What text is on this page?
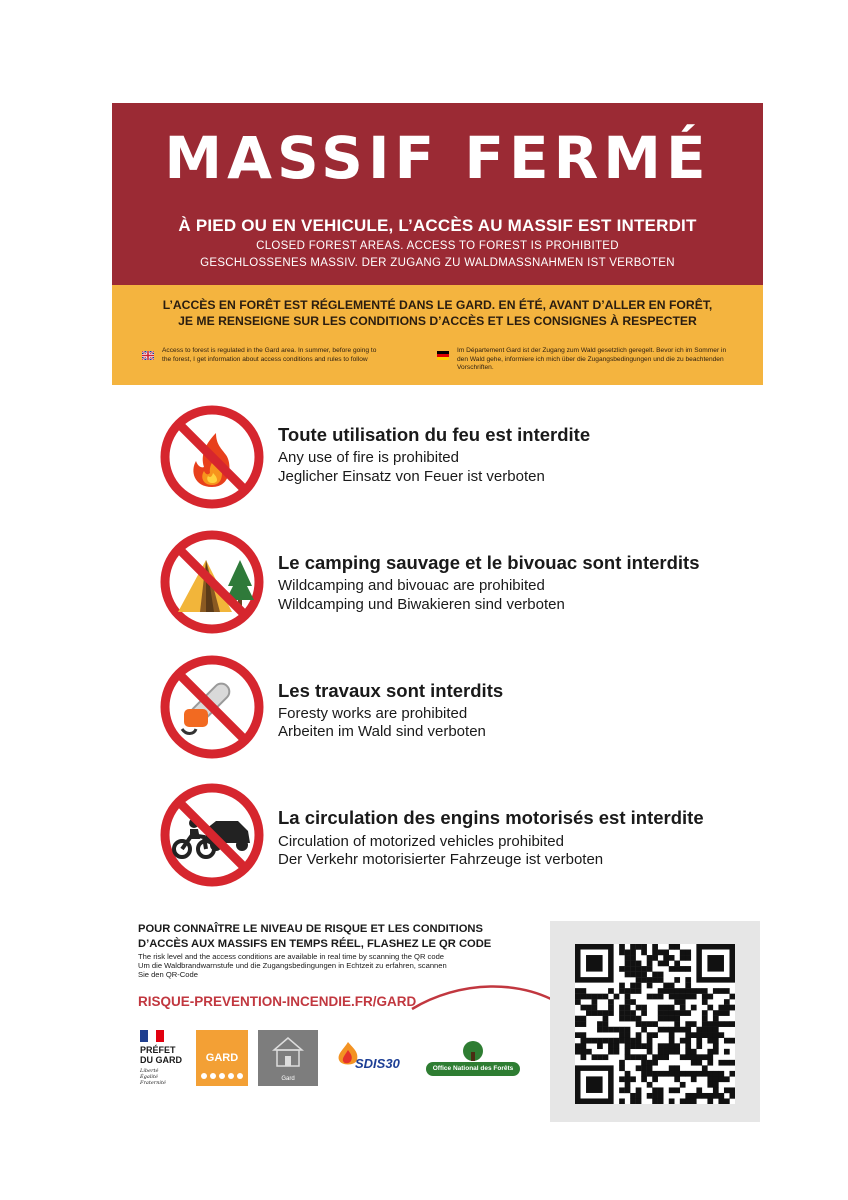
MASSIF FERMÉ
À PIED OU EN VEHICULE, L’ACCÈS AU MASSIF EST INTERDIT
CLOSED FOREST AREAS. ACCESS TO FOREST IS PROHIBITED
GESCHLOSSENES MASSIV. DER ZUGANG ZU WALDMASSNAHMEN IST VERBOTEN
L’ACCÈS EN FORÊT EST RÉGLEMENTÉ DANS LE GARD. EN ÉTÉ, AVANT D’ALLER EN FORÊT,
JE ME RENSEIGNE SUR LES CONDITIONS D’ACCÈS ET LES CONSIGNES À RESPECTER
Access to forest is regulated in the Gard area. In summer, before going to
the forest, I get information about access conditions and rules to follow
Im Département Gard ist der Zugang zum Wald gesetzlich geregelt. Bevor ich im Sommer in
den Wald gehe, informiere ich mich über die Zugangsbedingungen und die zu beachtenden
Vorschriften.
Toute utilisation du feu est interdite
Any use of fire is prohibited
Jeglicher Einsatz von Feuer ist verboten
Le camping sauvage et le bivouac sont interdits
Wildcamping and bivouac are prohibited
Wildcamping und Biwakieren sind verboten
Les travaux sont interdits
Foresty works are prohibited
Arbeiten im Wald sind verboten
La circulation des engins motorisés est interdite
Circulation of motorized vehicles prohibited
Der Verkehr motorisierter Fahrzeuge ist verboten
POUR CONNAÎTRE LE NIVEAU DE RISQUE ET LES CONDITIONS
D’ACCÈS AUX MASSIFS EN TEMPS RÉEL, FLASHEZ LE QR CODE
The risk level and the access conditions are available in real time by scanning the QR code
Um die Waldbrandwarnstufe und die Zugangsbedingungen in Echtzeit zu erfahren, scannen
Sie den QR-Code
RISQUE-PREVENTION-INCENDIE.FR/GARD
PRÉFET
DU GARD
Liberté
Égalité
Fraternité
GARD
Gard
SDIS30	Office National des Forêts
